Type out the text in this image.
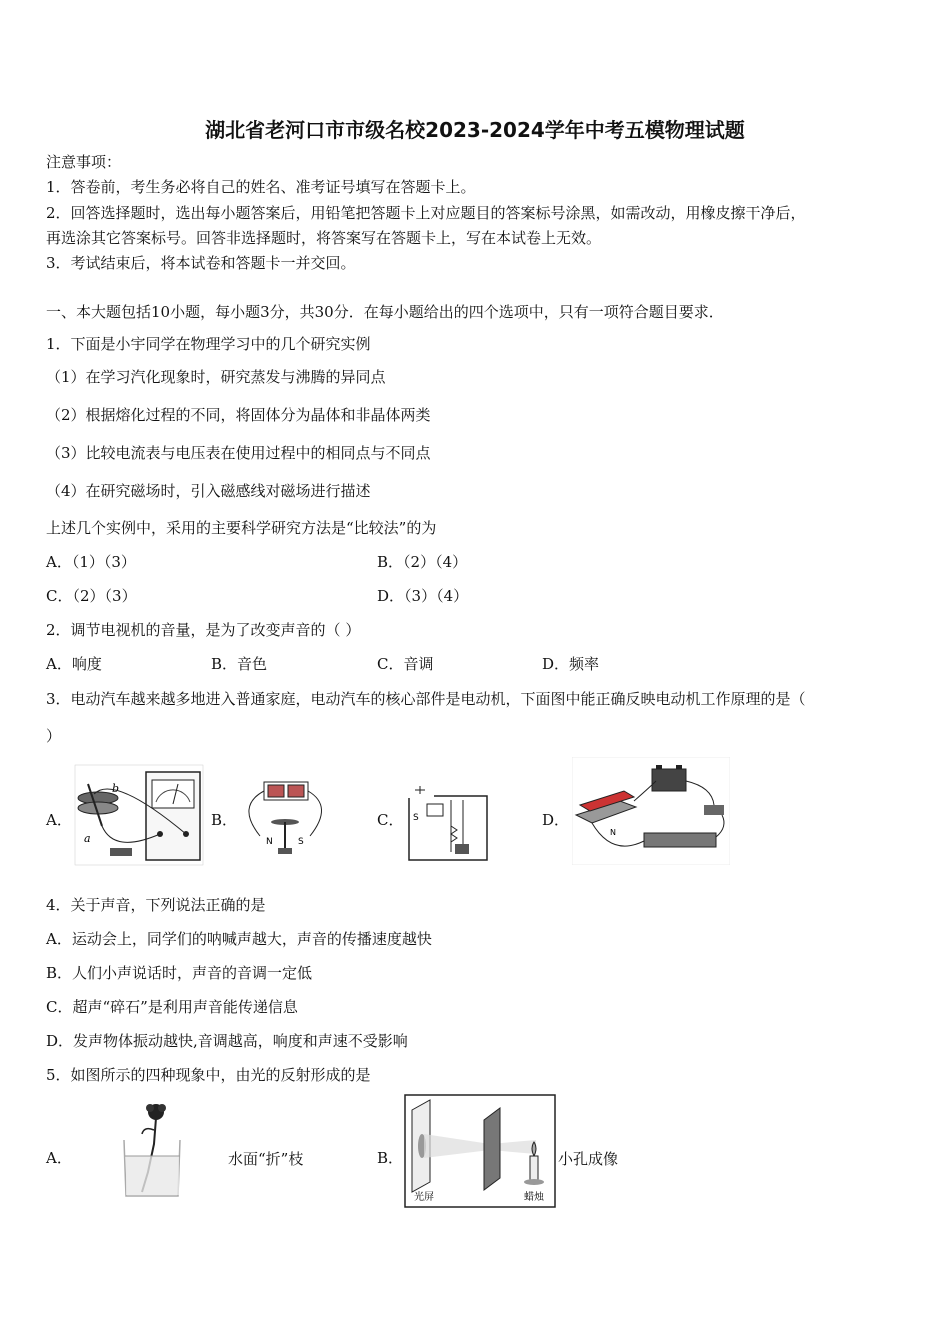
湖北省老河口市市级名校2023-2024学年中考五模物理试题
注意事项：
1．答卷前，考生务必将自己的姓名、准考证号填写在答题卡上。
2．回答选择题时，选出每小题答案后，用铅笔把答题卡上对应题目的答案标号涂黑，如需改动，用橡皮擦干净后，
再选涂其它答案标号。回答非选择题时，将答案写在答题卡上，写在本试卷上无效。
3．考试结束后，将本试卷和答题卡一并交回。
一、本大题包括10小题，每小题3分，共30分．在每小题给出的四个选项中，只有一项符合题目要求．
1．下面是小宇同学在物理学习中的几个研究实例
（1）在学习汽化现象时，研究蒸发与沸腾的异同点
（2）根据熔化过程的不同，将固体分为晶体和非晶体两类
（3）比较电流表与电压表在使用过程中的相同点与不同点
（4）在研究磁场时，引入磁感线对磁场进行描述
上述几个实例中，采用的主要科学研究方法是“比较法”的为
A．（1）（3）	B．（2）（4）
C．（2）（3）	D．（3）（4）
2．调节电视机的音量，是为了改变声音的（ ）
A．响度	B．音色	C．音调	D．频率
3．电动汽车越来越多地进入普通家庭，电动汽车的核心部件是电动机，下面图中能正确反映电动机工作原理的是（
）
A．	B．	C．	D．
b
a	N	S
S
N
4．关于声音，下列说法正确的是
A．运动会上，同学们的呐喊声越大，声音的传播速度越快
B．人们小声说话时，声音的音调一定低
C．超声“碎石”是利用声音能传递信息
D．发声物体振动越快,音调越高，响度和声速不受影响
5．如图所示的四种现象中，由光的反射形成的是
A．	水面“折”枝	B．
光屏	蜡烛
小孔成像
